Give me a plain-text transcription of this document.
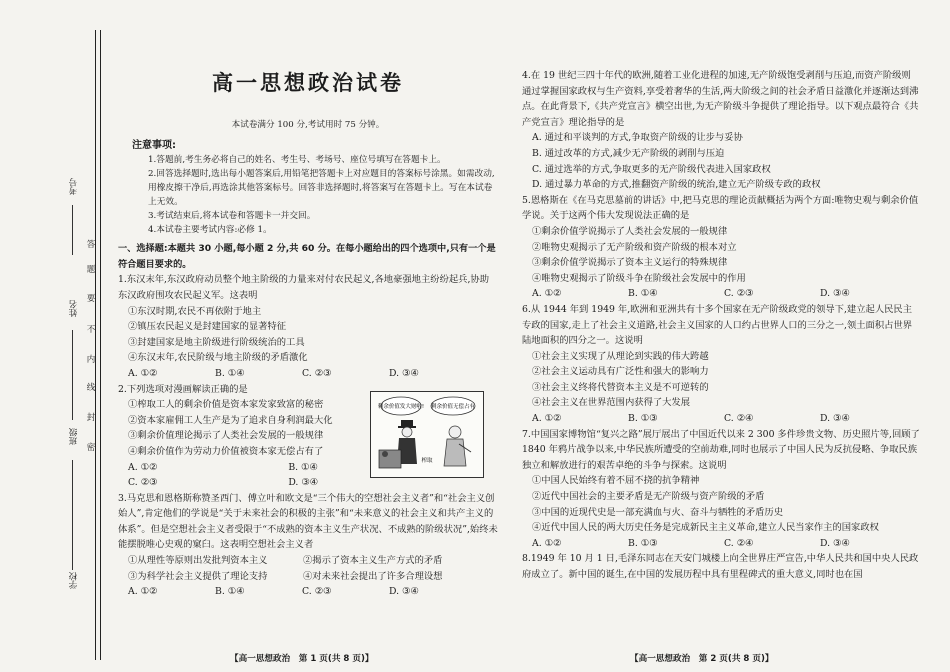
考号
姓名
班级
学校
答
题
要
不
内
线
封
密
高一思想政治试卷
本试卷满分 100 分,考试用时 75 分钟。
注意事项:
1.答题前,考生务必将自己的姓名、考生号、考场号、座位号填写在答题卡上。
2.回答选择题时,选出每小题答案后,用铅笔把答题卡上对应题目的答案标号涂黑。如需改动,用橡皮擦干净后,再选涂其他答案标号。回答非选择题时,将答案写在答题卡上。写在本试卷上无效。
3.考试结束后,将本试卷和答题卡一并交回。
4.本试卷主要考试内容:必修 1。
一、选择题:本题共 30 小题,每小题 2 分,共 60 分。在每小题给出的四个选项中,只有一个是符合题目要求的。

1.东汉末年,东汉政府动员整个地主阶级的力量来对付农民起义,各地豪强地主纷纷起兵,协助东汉政府围攻农民起义军。这表明

①东汉时期,农民不再依附于地主

②镇压农民起义是封建国家的显著特征

③封建国家是地主阶级进行阶级统治的工具

④东汉末年,农民阶级与地主阶级的矛盾激化

A. ①②	B. ①④	C. ②③	D. ③④

2.下列选项对漫画解读正确的是

①榨取工人的剩余价值是资本家发家致富的秘密

②资本家雇佣工人生产是为了追求自身利润最大化

③剩余价值理论揭示了人类社会发展的一般规律

④剩余价值作为劳动力价值被资本家无偿占有了

A. ①②	B. ①④
C. ②③	D. ③④

3.马克思和恩格斯称赞圣西门、傅立叶和欧文是“三个伟大的空想社会主义者”和“社会主义创始人”,肯定他们的学说是“关于未来社会的积极的主张”和“未来意义的社会主义和共产主义的体系”。但是空想社会主义者受限于“不成熟的资本主义生产状况、不成熟的阶级状况”,始终未能摆脱唯心史观的窠臼。这表明空想社会主义者

①从理性等原则出发批判资本主义	②揭示了资本主义生产方式的矛盾
③为科学社会主义提供了理论支持	④对未来社会提出了许多合理设想
A. ①②	B. ①④	C. ②③	D. ③④
剩余价值发大财啦! 剩余价值无偿占有
榨取

4.在 19 世纪三四十年代的欧洲,随着工业化进程的加速,无产阶级饱受剥削与压迫,而资产阶级则通过掌握国家政权与生产资料,享受着奢华的生活,两大阶级之间的社会矛盾日益激化并逐渐达到沸点。在此背景下,《共产党宣言》横空出世,为无产阶级斗争提供了理论指导。以下观点最符合《共产党宣言》理论指导的是

A. 通过和平谈判的方式,争取资产阶级的让步与妥协

B. 通过改革的方式,减少无产阶级的剥削与压迫

C. 通过选举的方式,争取更多的无产阶级代表进入国家政权

D. 通过暴力革命的方式,推翻资产阶级的统治,建立无产阶级专政的政权

5.恩格斯在《在马克思墓前的讲话》中,把马克思的理论贡献概括为两个方面:唯物史观与剩余价值学说。关于这两个伟大发现说法正确的是

①剩余价值学说揭示了人类社会发展的一般规律

②唯物史观揭示了无产阶级和资产阶级的根本对立

③剩余价值学说揭示了资本主义运行的特殊规律

④唯物史观揭示了阶级斗争在阶级社会发展中的作用

A. ①②	B. ①④	C. ②③	D. ③④

6.从 1944 年到 1949 年,欧洲和亚洲共有十多个国家在无产阶级政党的领导下,建立起人民民主专政的国家,走上了社会主义道路,社会主义国家的人口约占世界人口的三分之一,领土面积占世界陆地面积的四分之一。这说明

①社会主义实现了从理论到实践的伟大跨越

②社会主义运动具有广泛性和强大的影响力

③社会主义终将代替资本主义是不可逆转的

④社会主义在世界范围内获得了大发展

A. ①②	B. ①③	C. ②④	D. ③④

7.中国国家博物馆“复兴之路”展厅展出了中国近代以来 2 300 多件珍贵文物、历史照片等,回顾了 1840 年鸦片战争以来,中华民族所遭受的空前劫难,同时也展示了中国人民为反抗侵略、争取民族独立和解放进行的艰苦卓绝的斗争与探索。这说明

①中国人民始终有着不屈不挠的抗争精神

②近代中国社会的主要矛盾是无产阶级与资产阶级的矛盾

③中国的近现代史是一部充满血与火、奋斗与牺牲的矛盾历史

④近代中国人民的两大历史任务是完成新民主主义革命,建立人民当家作主的国家政权

A. ①②	B. ①③	C. ②④	D. ③④

8.1949 年 10 月 1 日,毛泽东同志在天安门城楼上向全世界庄严宣告,中华人民共和国中央人民政府成立了。新中国的诞生,在中国的发展历程中具有里程碑式的重大意义,同时也在国

【高一思想政治　第 1 页(共 8 页)】	【高一思想政治　第 2 页(共 8 页)】
